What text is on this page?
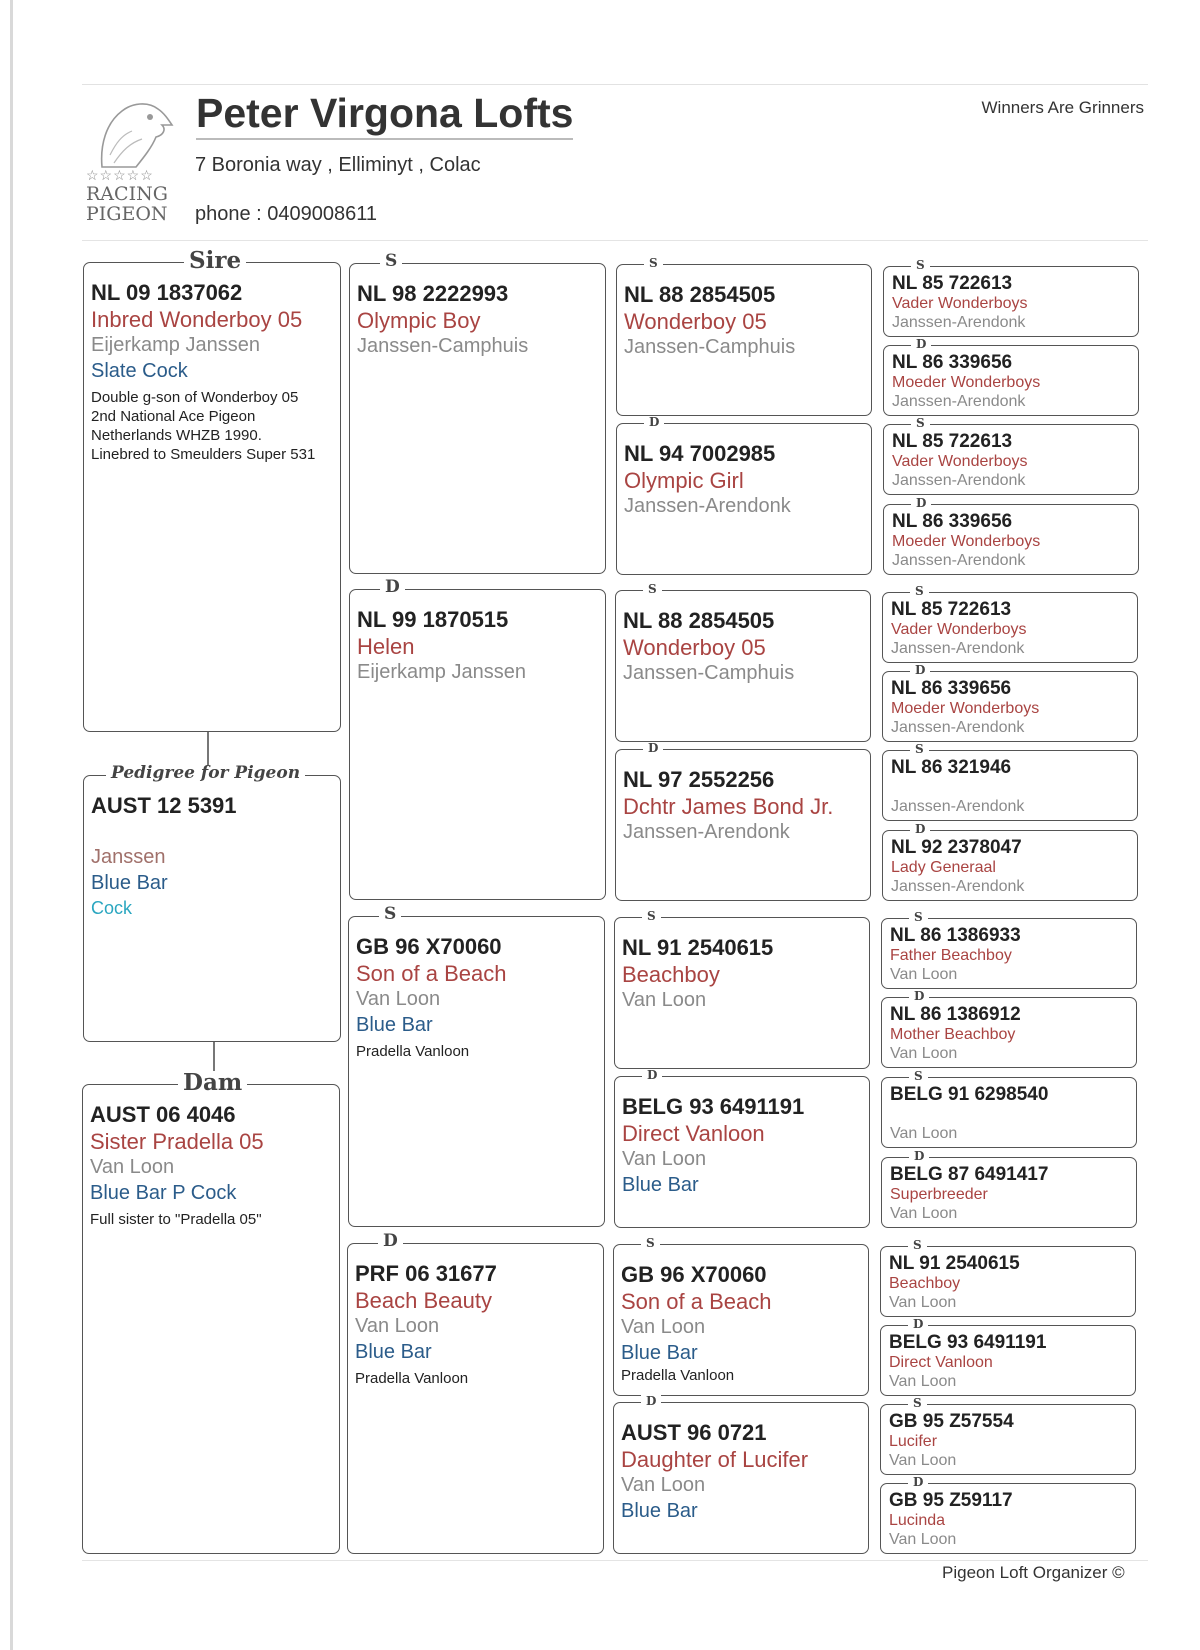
☆☆☆☆☆
RACING
PIGEON
Peter Virgona Lofts
7 Boronia way , Elliminyt , Colac
phone : 0409008611
Winners Are Grinners
Sire
NL 09 1837062
Inbred Wonderboy 05
Eijerkamp Janssen
Slate Cock
Double g-son of Wonderboy 05 2nd National Ace Pigeon Netherlands WHZB 1990. Linebred to Smeulders Super 531
Pedigree for Pigeon
AUST 12 5391
Janssen
Blue Bar
Cock
Dam
AUST 06 4046
Sister Pradella 05
Van Loon
Blue Bar P Cock
Full sister to "Pradella 05"
S
NL 98 2222993
Olympic Boy
Janssen-Camphuis
D
NL 99 1870515
Helen
Eijerkamp Janssen
S
GB 96 X70060
Son of a Beach
Van Loon
Blue Bar
Pradella Vanloon
D
PRF 06 31677
Beach Beauty
Van Loon
Blue Bar
Pradella Vanloon
S
NL 88 2854505
Wonderboy 05
Janssen-Camphuis
D
NL 94 7002985
Olympic Girl
Janssen-Arendonk
S
NL 88 2854505
Wonderboy 05
Janssen-Camphuis
D
NL 97 2552256
Dchtr James Bond Jr.
Janssen-Arendonk
S
NL 91 2540615
Beachboy
Van Loon
D
BELG 93 6491191
Direct Vanloon
Van Loon
Blue Bar
S
GB 96 X70060
Son of a Beach
Van Loon
Blue Bar
Pradella Vanloon
D
AUST 96 0721
Daughter of Lucifer
Van Loon
Blue Bar
S
NL 85 722613
Vader Wonderboys
Janssen-Arendonk
D
NL 86 339656
Moeder Wonderboys
Janssen-Arendonk
S
NL 85 722613
Vader Wonderboys
Janssen-Arendonk
D
NL 86 339656
Moeder Wonderboys
Janssen-Arendonk
S
NL 85 722613
Vader Wonderboys
Janssen-Arendonk
D
NL 86 339656
Moeder Wonderboys
Janssen-Arendonk
S
NL 86 321946
Janssen-Arendonk
D
NL 92 2378047
Lady Generaal
Janssen-Arendonk
S
NL 86 1386933
Father Beachboy
Van Loon
D
NL 86 1386912
Mother Beachboy
Van Loon
S
BELG 91 6298540
Van Loon
D
BELG 87 6491417
Superbreeder
Van Loon
S
NL 91 2540615
Beachboy
Van Loon
D
BELG 93 6491191
Direct Vanloon
Van Loon
S
GB 95 Z57554
Lucifer
Van Loon
D
GB 95 Z59117
Lucinda
Van Loon
Pigeon Loft Organizer ©
